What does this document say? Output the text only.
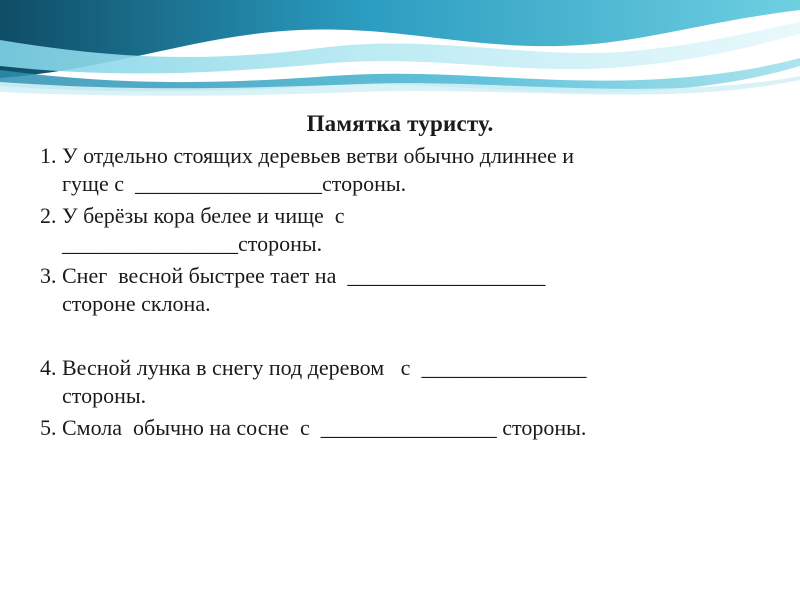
Памятка туристу.

1. У отдельно стоящих деревьев ветви обычно длиннее и
гуще с  _________________стороны.

2. У берёзы кора белее и чище  с
________________стороны.

3. Снег  весной быстрее тает на  __________________
стороне склона.

4. Весной лунка в снегу под деревом   с  _______________
стороны.

5. Смола  обычно на сосне  с  ________________ стороны.
